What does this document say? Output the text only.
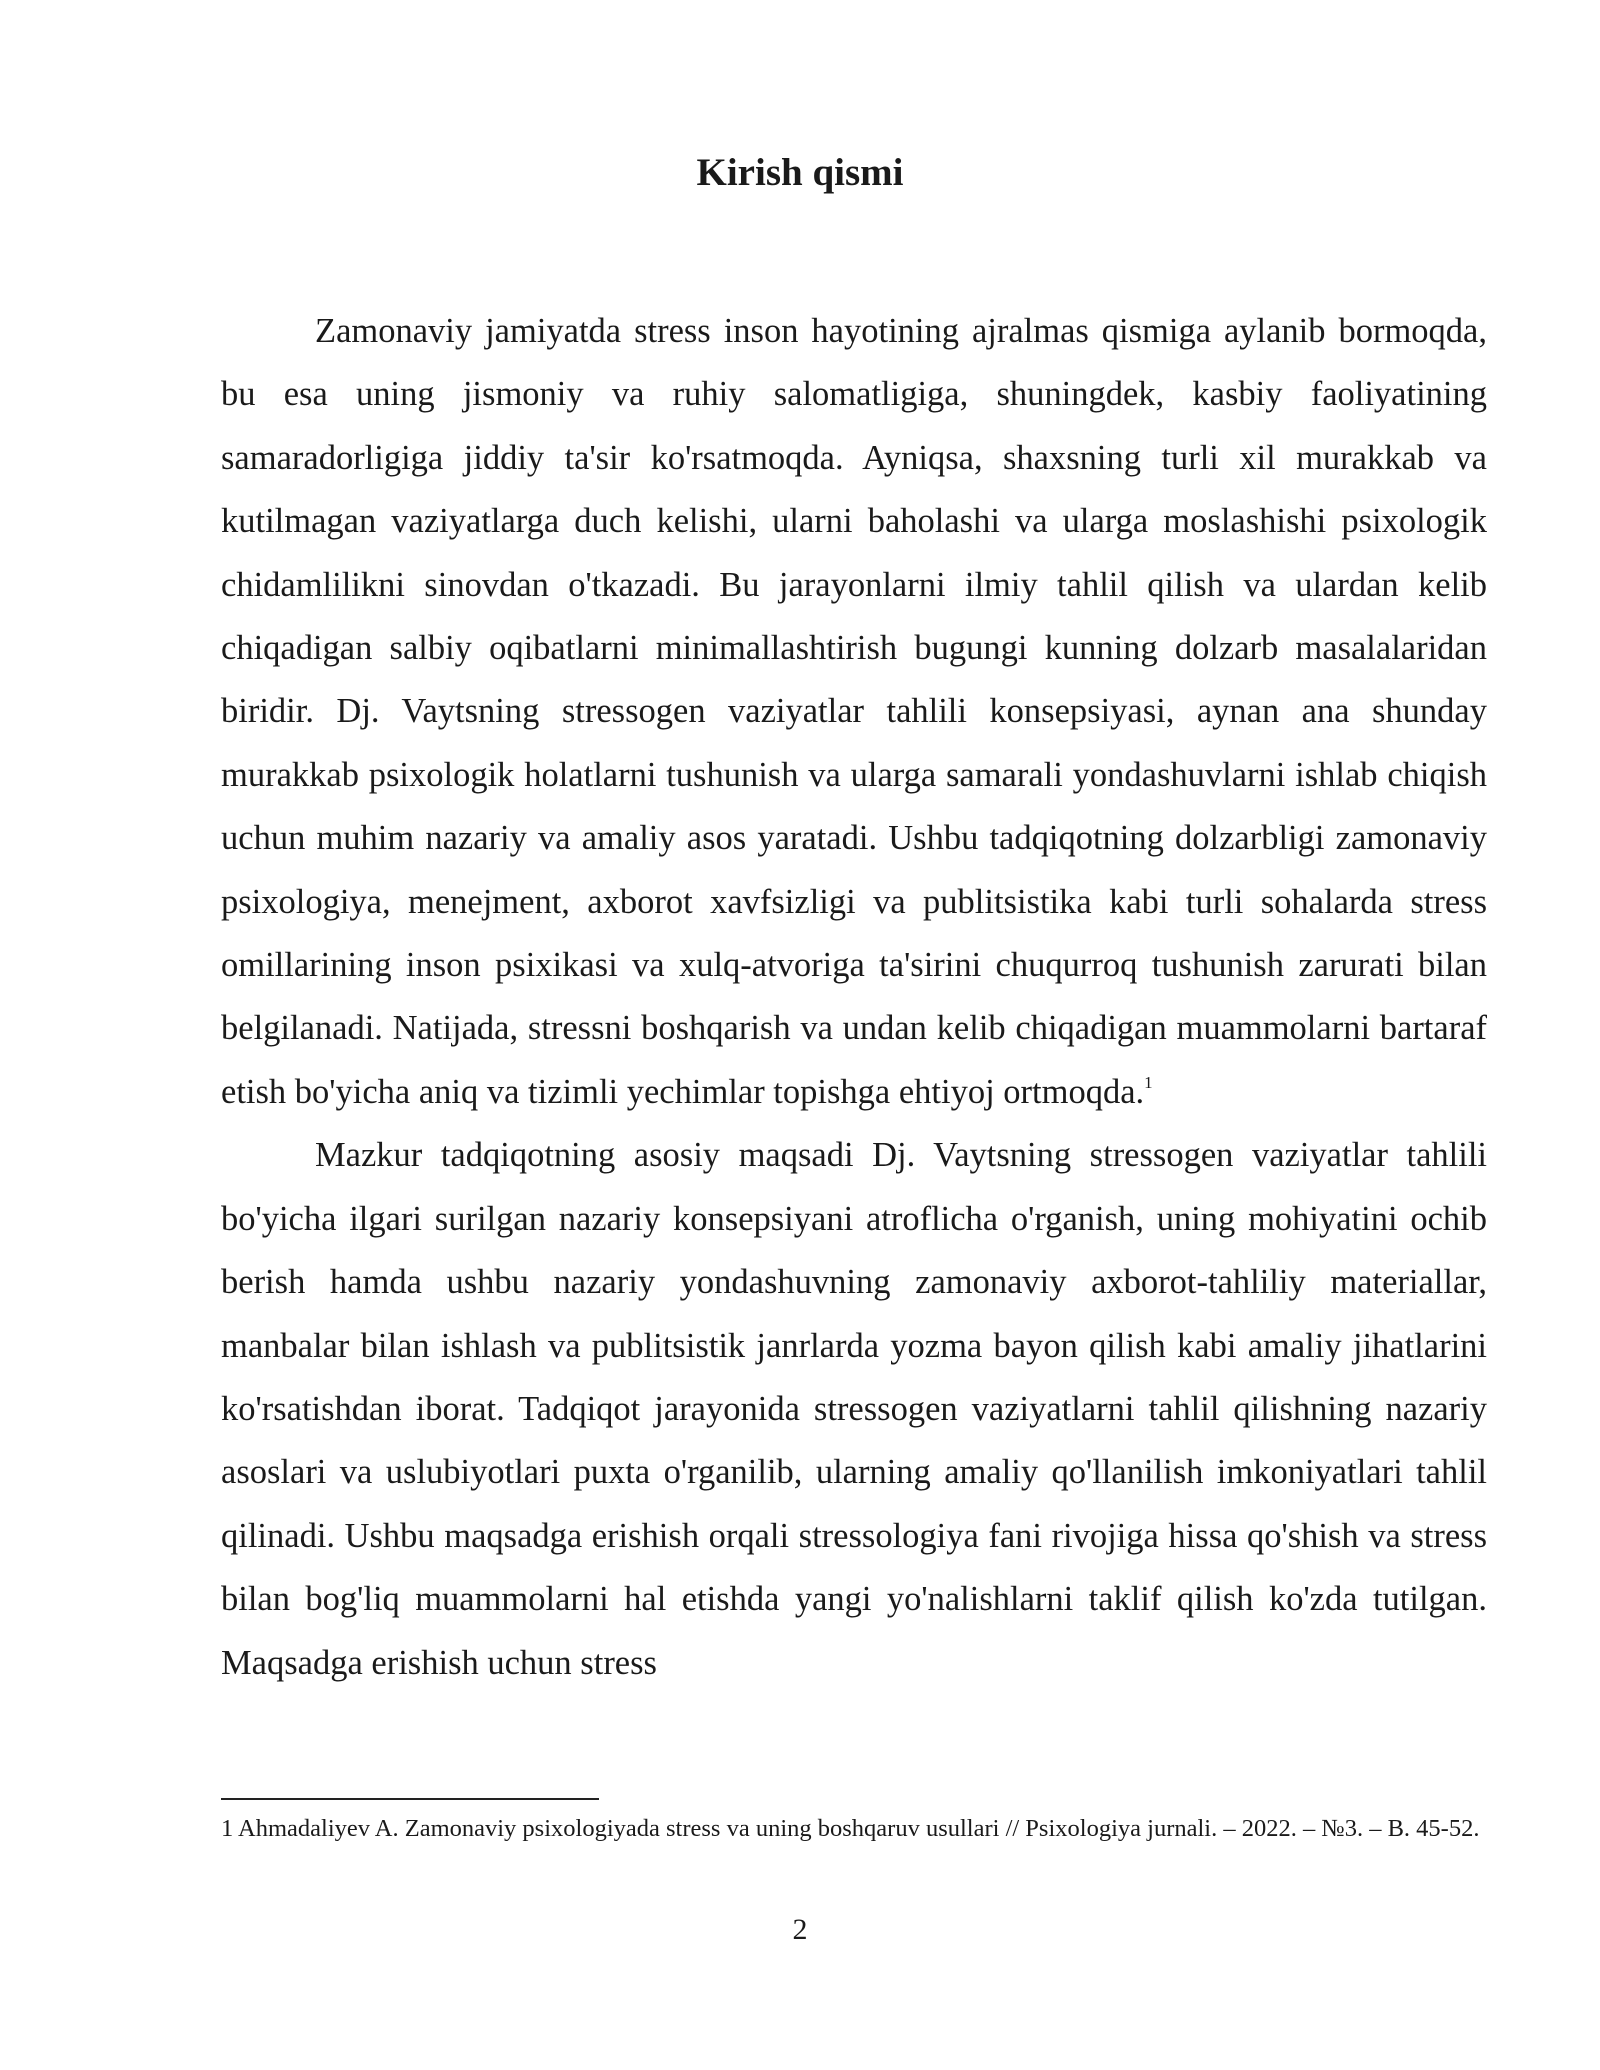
Kirish qismi

Zamonaviy jamiyatda stress inson hayotining ajralmas qismiga aylanib bormoqda, bu esa uning jismoniy va ruhiy salomatligiga, shuningdek, kasbiy faoliyatining samaradorligiga jiddiy ta'sir ko'rsatmoqda. Ayniqsa, shaxsning turli xil murakkab va kutilmagan vaziyatlarga duch kelishi, ularni baholashi va ularga moslashishi psixologik chidamlilikni sinovdan o'tkazadi. Bu jarayonlarni ilmiy tahlil qilish va ulardan kelib chiqadigan salbiy oqibatlarni minimallashtirish bugungi kunning dolzarb masalalaridan biridir. Dj. Vaytsning stressogen vaziyatlar tahlili konsepsiyasi, aynan ana shunday murakkab psixologik holatlarni tushunish va ularga samarali yondashuvlarni ishlab chiqish uchun muhim nazariy va amaliy asos yaratadi. Ushbu tadqiqotning dolzarbligi zamonaviy psixologiya, menejment, axborot xavfsizligi va publitsistika kabi turli sohalarda stress omillarining inson psixikasi va xulq-atvoriga ta'sirini chuqurroq tushunish zarurati bilan belgilanadi. Natijada, stressni boshqarish va undan kelib chiqadigan muammolarni bartaraf etish bo'yicha aniq va tizimli yechimlar topishga ehtiyoj ortmoqda.$^1$

Mazkur tadqiqotning asosiy maqsadi Dj. Vaytsning stressogen vaziyatlar tahlili bo'yicha ilgari surilgan nazariy konsepsiyani atroflicha o'rganish, uning mohiyatini ochib berish hamda ushbu nazariy yondashuvning zamonaviy axborot-tahliliy materiallar, manbalar bilan ishlash va publitsistik janrlarda yozma bayon qilish kabi amaliy jihatlarini ko'rsatishdan iborat. Tadqiqot jarayonida stressogen vaziyatlarni tahlil qilishning nazariy asoslari va uslubiyotlari puxta o'rganilib, ularning amaliy qo'llanilish imkoniyatlari tahlil qilinadi. Ushbu maqsadga erishish orqali stressologiya fani rivojiga hissa qo'shish va stress bilan bog'liq muammolarni hal etishda yangi yo'nalishlarni taklif qilish ko'zda tutilgan. Maqsadga erishish uchun stress

1 Ahmadaliyev A. Zamonaviy psixologiyada stress va uning boshqaruv usullari // Psixologiya jurnali. – 2022. – №3. – B. 45-52.

2
